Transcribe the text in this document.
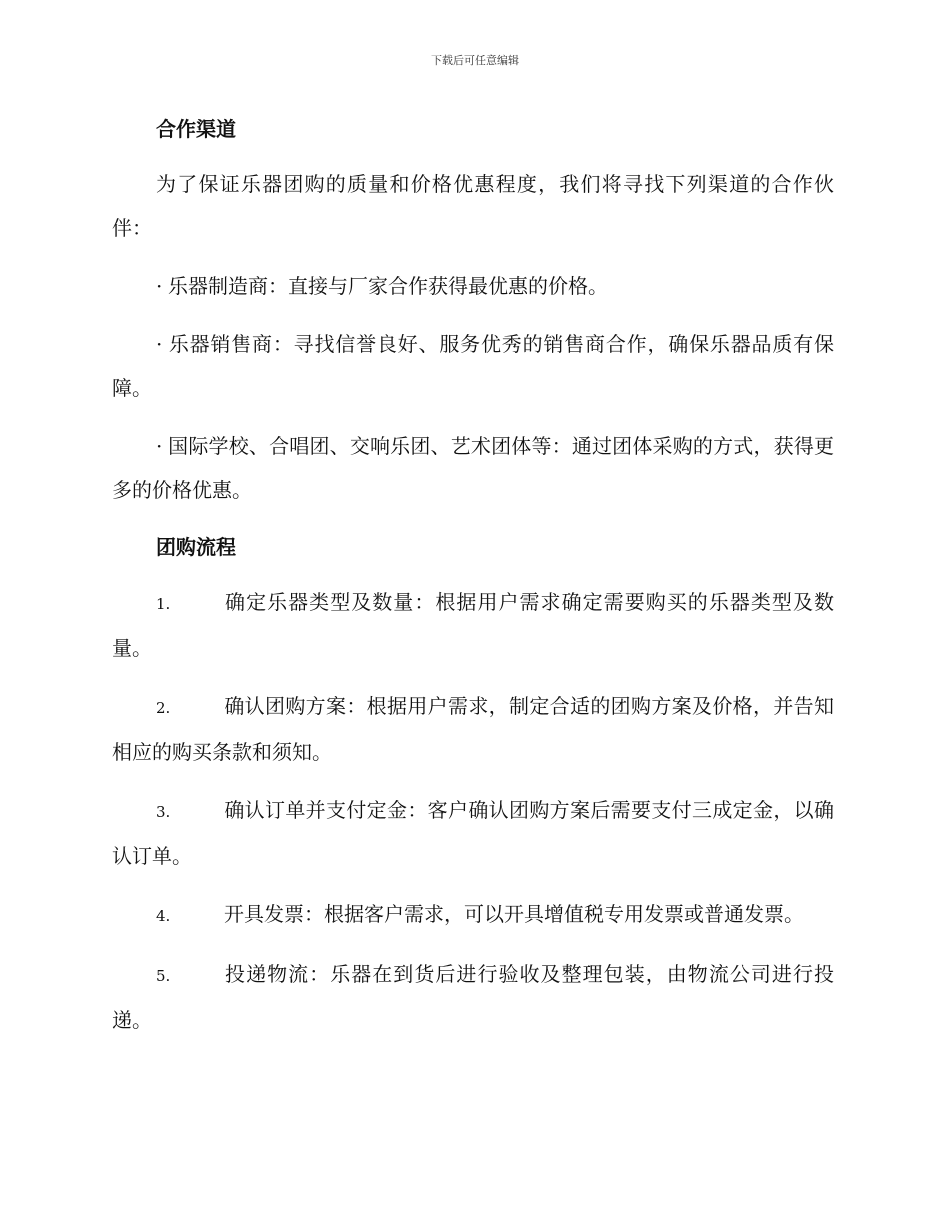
下载后可任意编辑
合作渠道

为了保证乐器团购的质量和价格优惠程度，我们将寻找下列渠道的合作伙伴：

· 乐器制造商：直接与厂家合作获得最优惠的价格。

· 乐器销售商：寻找信誉良好、服务优秀的销售商合作，确保乐器品质有保障。

· 国际学校、合唱团、交响乐团、艺术团体等：通过团体采购的方式，获得更多的价格优惠。

团购流程

1.	确定乐器类型及数量：根据用户需求确定需要购买的乐器类型及数量。

2.	确认团购方案：根据用户需求，制定合适的团购方案及价格，并告知相应的购买条款和须知。

3.	确认订单并支付定金：客户确认团购方案后需要支付三成定金，以确认订单。

4.	开具发票：根据客户需求，可以开具增值税专用发票或普通发票。

5.	投递物流：乐器在到货后进行验收及整理包装，由物流公司进行投递。
